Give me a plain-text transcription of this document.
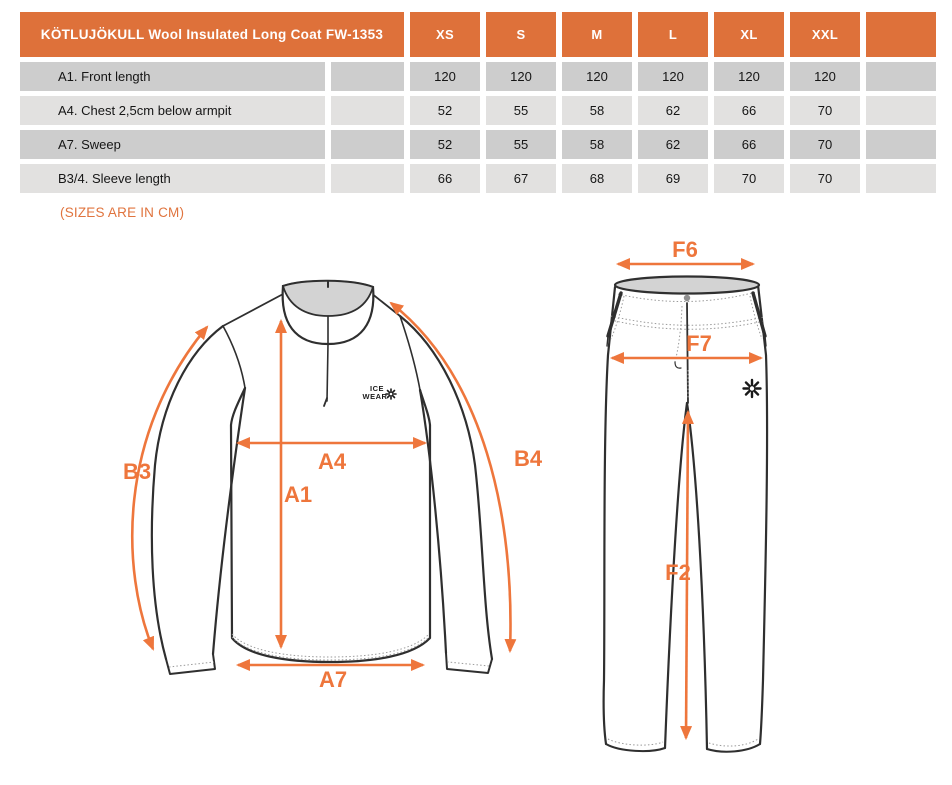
KÖTLUJÖKULL Wool Insulated Long Coat FW-1353	XS	S	M	L	XL	XXL
A1. Front length	120	120	120	120	120	120
A4. Chest 2,5cm below armpit	52	55	58	62	66	70
A7. Sweep	52	55	58	62	66	70
B3/4. Sleeve length	66	67	68	69	70	70
(SIZES ARE IN CM)
ICE
WEAR
B3
B4
A4
A1
A7
F6
F7
F2
